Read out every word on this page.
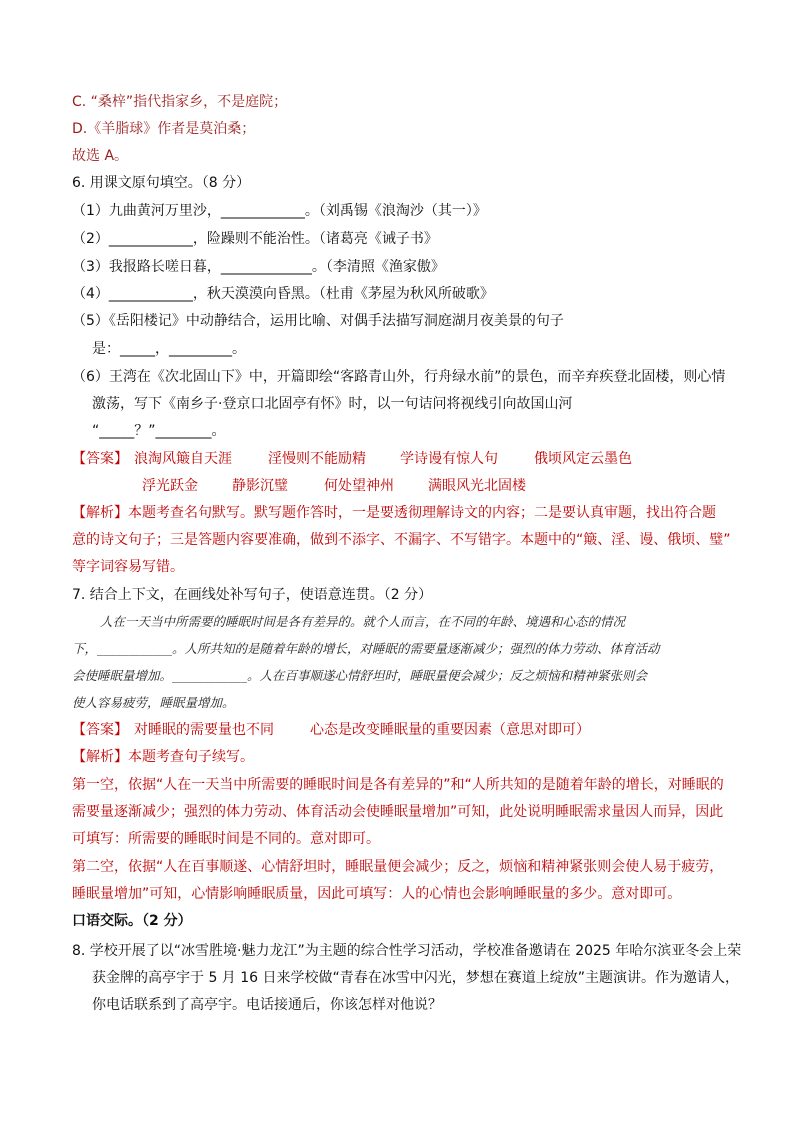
C. “桑梓”指代指家乡，不是庭院；
D.《羊脂球》作者是莫泊桑；
故选 A。
6. 用课文原句填空。（8 分）
（1）九曲黄河万里沙，____________。（刘禹锡《浪淘沙（其一）》
（2）____________，险躁则不能治性。（诸葛亮《诫子书》
（3）我报路长嗟日暮，_____________。（李清照《渔家傲》
（4）____________，秋天漠漠向昏黑。（杜甫《茅屋为秋风所破歌》
（5）《岳阳楼记》中动静结合，运用比喻、对偶手法描写洞庭湖月夜美景的句子
是：_____，_________。
（6）王湾在《次北固山下》中，开篇即绘“客路青山外，行舟绿水前”的景色，而辛弃疾登北固楼，则心情
激荡，写下《南乡子·登京口北固亭有怀》时，以一句诘问将视线引向故国山河
“_____？”________。
【答案】 浪淘风簸自天涯	淫慢则不能励精 学诗谩有惊人句	俄顷风定云墨色
浮光跃金 静影沉璧	何处望神州 满眼风光北固楼
【解析】本题考查名句默写。默写题作答时，一是要透彻理解诗文的内容；二是要认真审题，找出符合题
意的诗文句子；三是答题内容要准确，做到不添字、不漏字、不写错字。本题中的“簸、淫、谩、俄顷、璧”
等字词容易写错。
7. 结合上下文，在画线处补写句子，使语意连贯。（2 分）
人在一天当中所需要的睡眠时间是各有差异的。就个人而言，在不同的年龄、境遇和心态的情况
下，____________。人所共知的是随着年龄的增长，对睡眠的需要量逐渐减少；强烈的体力劳动、体育活动
会使睡眠量增加。____________。人在百事顺遂心情舒坦时，睡眠量便会减少；反之烦恼和精神紧张则会
使人容易疲劳，睡眠量增加。
【答案】 对睡眠的需要量也不同	心态是改变睡眠量的重要因素（意思对即可）
【解析】本题考查句子续写。
第一空，依据“人在一天当中所需要的睡眠时间是各有差异的”和“人所共知的是随着年龄的增长，对睡眠的
需要量逐渐减少；强烈的体力劳动、体育活动会使睡眠量增加”可知，此处说明睡眠需求量因人而异，因此
可填写：所需要的睡眠时间是不同的。意对即可。
第二空，依据“人在百事顺遂、心情舒坦时，睡眠量便会减少；反之，烦恼和精神紧张则会使人易于疲劳，
睡眠量增加”可知，心情影响睡眠质量，因此可填写：人的心情也会影响睡眠量的多少。意对即可。
口语交际。（2 分）
8. 学校开展了以“冰雪胜境·魅力龙江”为主题的综合性学习活动，学校准备邀请在 2025 年哈尔滨亚冬会上荣
获金牌的高亭宇于 5 月 16 日来学校做“青春在冰雪中闪光，梦想在赛道上绽放”主题演讲。作为邀请人，
你电话联系到了高亭宇。电话接通后，你该怎样对他说？
